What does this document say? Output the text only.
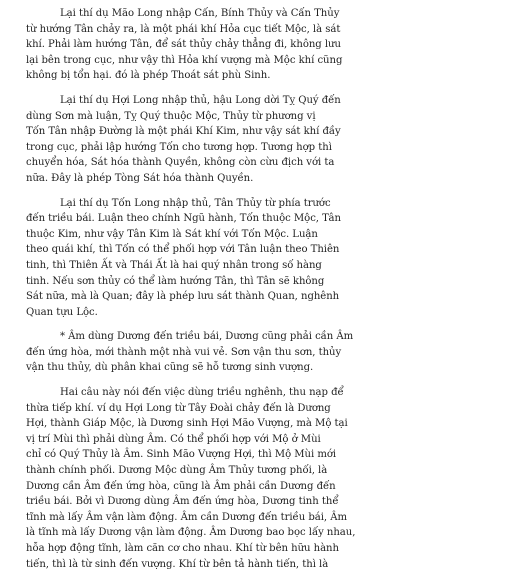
Lại thí dụ Mão Long nhập Cấn, Bính Thủy và Cấn Thủy
từ hướng Tân chảy ra, là một phái khí Hỏa cục tiết Mộc, là sát
khí. Phải làm hướng Tân, để sát thủy chảy thẳng đi, không lưu
lại bên trong cục, như vậy thì Hỏa khí vượng mà Mộc khí cũng
không bị tổn hại. đó là phép Thoát sát phù Sinh.
Lại thí dụ Hợi Long nhập thủ, hậu Long dời Tỵ Quý đến
dùng Sơn mà luận, Tỵ Quý thuộc Mộc, Thủy từ phương vị
Tốn Tân nhập Đường là một phái Khí Kim, như vậy sát khí đầy
trong cục, phải lập hướng Tốn cho tương hợp. Tương hợp thì
chuyển hóa, Sát hóa thành Quyền, không còn cừu địch với ta
nữa. Đây là phép Tòng Sát hóa thành Quyền.
Lại thí dụ Tốn Long nhập thủ, Tân Thủy từ phía trước
đến triều bái. Luận theo chính Ngũ hành, Tốn thuộc Mộc, Tân
thuộc Kim, như vậy Tân Kim là Sát khí với Tốn Mộc. Luận
theo quái khí, thì Tốn có thể phối hợp với Tân luận theo Thiên
tinh, thì Thiên Ất và Thái Ất là hai quý nhân trong số hàng
tinh. Nếu sơn thủy có thể làm hướng Tân, thì Tân sẽ không
Sát nữa, mà là Quan; đây là phép lưu sát thành Quan, nghênh
Quan tựu Lộc.
* Âm dùng Dương đến triều bái, Dương cũng phải cần Âm
đến ứng hòa, mới thành một nhà vui vẻ. Sơn vận thu sơn, thủy
vận thu thủy, dù phân khai cũng sẽ hỗ tương sinh vượng.
Hai câu này nói đến việc dùng triều nghênh, thu nạp để
thừa tiếp khí. ví dụ Hợi Long từ Tây Đoài chảy đến là Dương
Hợi, thành Giáp Mộc, là Dương sinh Hợi Mão Vượng, mà Mộ tại
vị trí Mùi thì phải dùng Âm. Có thể phối hợp với Mộ ở Mùi
chỉ có Quý Thủy là Âm. Sinh Mão Vượng Hợi, thì Mộ Mùi mới
thành chính phối. Dương Mộc dùng Âm Thủy tương phối, là
Dương cần Âm đến ứng hòa, cũng là Âm phải cần Dương đến
triều bái. Bởi vì Dương dùng Âm đến ứng hòa, Dương tinh thể
tĩnh mà lấy Âm vận làm động. Âm cần Dương đến triều bái, Âm
là tĩnh mà lấy Dương vận làm động. Âm Dương bao bọc lấy nhau,
hỗa hợp động tĩnh, làm căn cơ cho nhau. Khí từ bên hữu hành
tiến, thì là từ sinh đến vượng. Khí từ bên tả hành tiến, thì là
